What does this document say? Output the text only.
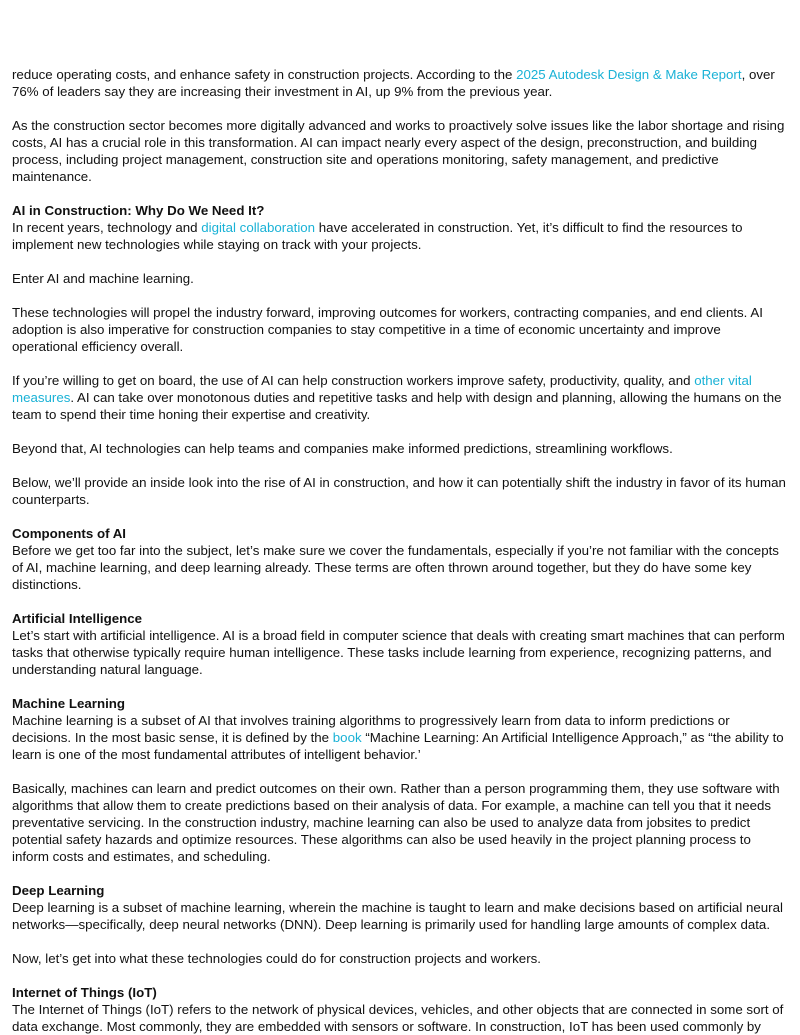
reduce operating costs, and enhance safety in construction projects. According to the 2025 Autodesk Design & Make Report, over 76% of leaders say they are increasing their investment in AI, up 9% from the previous year.

As the construction sector becomes more digitally advanced and works to proactively solve issues like the labor shortage and rising costs, AI has a crucial role in this transformation. AI can impact nearly every aspect of the design, preconstruction, and building process, including project management, construction site and operations monitoring, safety management, and predictive maintenance.

AI in Construction: Why Do We Need It?
In recent years, technology and digital collaboration have accelerated in construction. Yet, it’s difficult to find the resources to implement new technologies while staying on track with your projects.

Enter AI and machine learning.

These technologies will propel the industry forward, improving outcomes for workers, contracting companies, and end clients. AI adoption is also imperative for construction companies to stay competitive in a time of economic uncertainty and improve operational efficiency overall.

If you’re willing to get on board, the use of AI can help construction workers improve safety, productivity, quality, and other vital measures. AI can take over monotonous duties and repetitive tasks and help with design and planning, allowing the humans on the team to spend their time honing their expertise and creativity.

Beyond that, AI technologies can help teams and companies make informed predictions, streamlining workflows.

Below, we’ll provide an inside look into the rise of AI in construction, and how it can potentially shift the industry in favor of its human counterparts.

Components of AI
Before we get too far into the subject, let’s make sure we cover the fundamentals, especially if you’re not familiar with the concepts of AI, machine learning, and deep learning already. These terms are often thrown around together, but they do have some key distinctions.

Artificial Intelligence
Let’s start with artificial intelligence. AI is a broad field in computer science that deals with creating smart machines that can perform tasks that otherwise typically require human intelligence. These tasks include learning from experience, recognizing patterns, and understanding natural language.

Machine Learning
Machine learning is a subset of AI that involves training algorithms to progressively learn from data to inform predictions or decisions. In the most basic sense, it is defined by the book “Machine Learning: An Artificial Intelligence Approach,” as “the ability to learn is one of the most fundamental attributes of intelligent behavior.’

Basically, machines can learn and predict outcomes on their own. Rather than a person programming them, they use software with algorithms that allow them to create predictions based on their analysis of data. For example, a machine can tell you that it needs preventative servicing. In the construction industry, machine learning can also be used to analyze data from jobsites to predict potential safety hazards and optimize resources. These algorithms can also be used heavily in the project planning process to inform costs and estimates, and scheduling.

Deep Learning
Deep learning is a subset of machine learning, wherein the machine is taught to learn and make decisions based on artificial neural networks—specifically, deep neural networks (DNN). Deep learning is primarily used for handling large amounts of complex data.

Now, let’s get into what these technologies could do for construction projects and workers.

Internet of Things (IoT)
The Internet of Things (IoT) refers to the network of physical devices, vehicles, and other objects that are connected in some sort of data exchange. Most commonly, they are embedded with sensors or software. In construction, IoT has been used commonly by
